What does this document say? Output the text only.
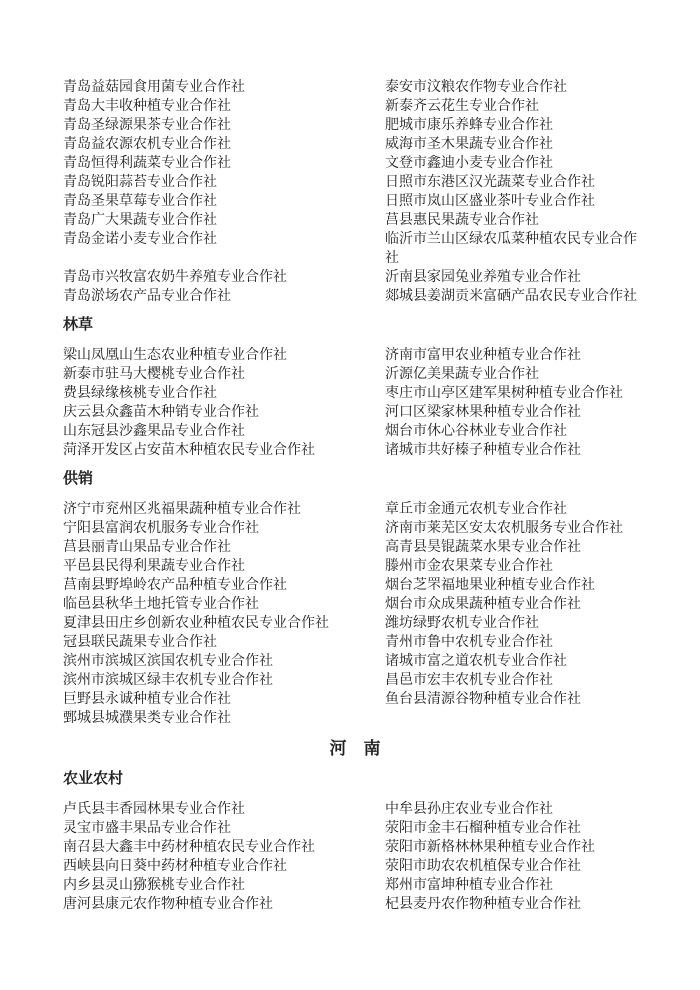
青岛益菇园食用菌专业合作社	泰安市汶粮农作物专业合作社
青岛大丰收种植专业合作社	新泰齐云花生专业合作社
青岛圣绿源果茶专业合作社	肥城市康乐养蜂专业合作社
青岛益农源农机专业合作社	威海市圣木果蔬专业合作社
青岛恒得利蔬菜专业合作社	文登市鑫迪小麦专业合作社
青岛锐阳蒜苔专业合作社	日照市东港区汉光蔬菜专业合作社
青岛圣果草莓专业合作社	日照市岚山区盛业茶叶专业合作社
青岛广大果蔬专业合作社	莒县惠民果蔬专业合作社
青岛金诺小麦专业合作社	临沂市兰山区绿农瓜菜种植农民专业合作社
青岛市兴牧富农奶牛养殖专业合作社	沂南县家园兔业养殖专业合作社
青岛淤场农产品专业合作社	郯城县姜湖贡米富硒产品农民专业合作社
林草
梁山凤凰山生态农业种植专业合作社	济南市富甲农业种植专业合作社
新泰市驻马大樱桃专业合作社	沂源亿美果蔬专业合作社
费县绿缘核桃专业合作社	枣庄市山亭区建军果树种植专业合作社
庆云县众鑫苗木种销专业合作社	河口区梁家林果种植专业合作社
山东冠县沙鑫果品专业合作社	烟台市休心谷林业专业合作社
菏泽开发区占安苗木种植农民专业合作社	诸城市共好榛子种植专业合作社
供销
济宁市兖州区兆福果蔬种植专业合作社	章丘市金通元农机专业合作社
宁阳县富润农机服务专业合作社	济南市莱芜区安太农机服务专业合作社
莒县丽青山果品专业合作社	高青县昊锟蔬菜水果专业合作社
平邑县民得利果蔬专业合作社	滕州市金农果菜专业合作社
莒南县野埠岭农产品种植专业合作社	烟台芝罘福地果业种植专业合作社
临邑县秋华土地托管专业合作社	烟台市众成果蔬种植专业合作社
夏津县田庄乡创新农业种植农民专业合作社	潍坊绿野农机专业合作社
冠县联民蔬果专业合作社	青州市鲁中农机专业合作社
滨州市滨城区滨国农机专业合作社	诸城市富之道农机专业合作社
滨州市滨城区绿丰农机专业合作社	昌邑市宏丰农机专业合作社
巨野县永诚种植专业合作社	鱼台县清源谷物种植专业合作社
鄄城县城濮果类专业合作社
河　南
农业农村
卢氏县丰香园林果专业合作社	中牟县孙庄农业专业合作社
灵宝市盛丰果品专业合作社	荥阳市金丰石榴种植专业合作社
南召县大鑫丰中药材种植农民专业合作社	荥阳市新格林林果种植专业合作社
西峡县向日葵中药材种植专业合作社	荥阳市助农农机植保专业合作社
内乡县灵山猕猴桃专业合作社	郑州市富坤种植专业合作社
唐河县康元农作物种植专业合作社	杞县麦丹农作物种植专业合作社
